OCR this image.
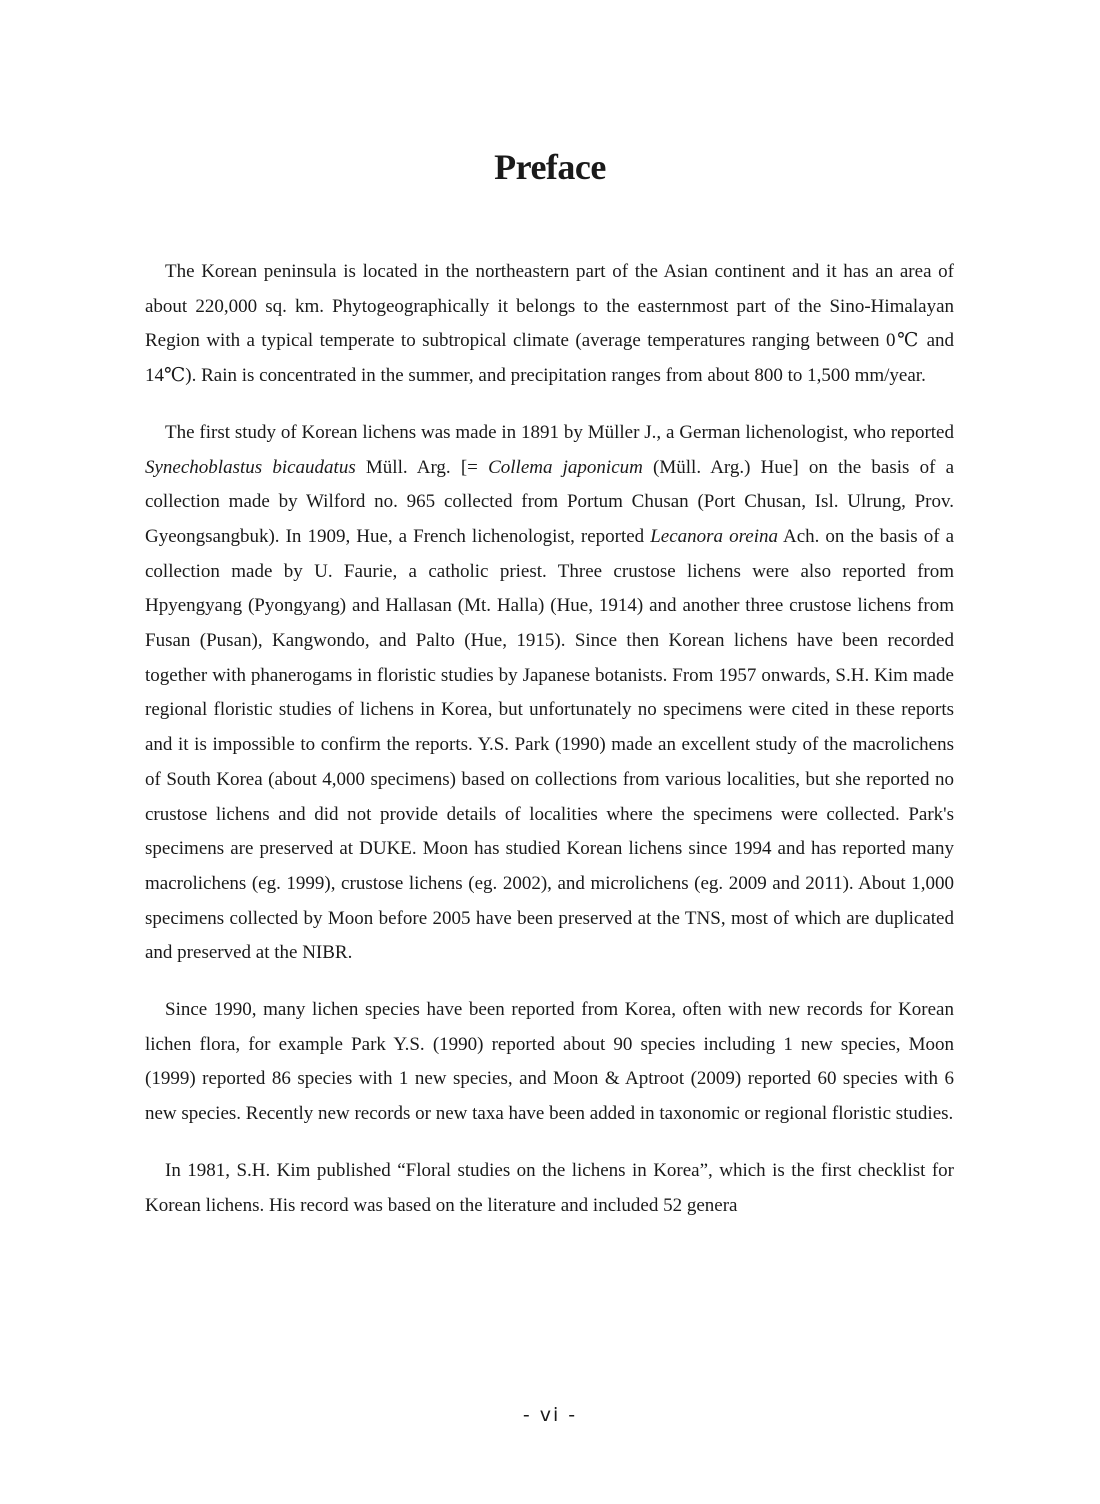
Preface

The Korean peninsula is located in the northeastern part of the Asian continent and it has an area of about 220,000 sq. km. Phytogeographically it belongs to the easternmost part of the Sino-Himalayan Region with a typical temperate to subtropical climate (average temperatures ranging between 0℃ and 14℃). Rain is concentrated in the summer, and precipitation ranges from about 800 to 1,500 mm/year.

The first study of Korean lichens was made in 1891 by Müller J., a German lichenologist, who reported Synechoblastus bicaudatus Müll. Arg. [= Collema japonicum (Müll. Arg.) Hue] on the basis of a collection made by Wilford no. 965 collected from Portum Chusan (Port Chusan, Isl. Ulrung, Prov. Gyeongsangbuk). In 1909, Hue, a French lichenologist, reported Lecanora oreina Ach. on the basis of a collection made by U. Faurie, a catholic priest. Three crustose lichens were also reported from Hpyengyang (Pyongyang) and Hallasan (Mt. Halla) (Hue, 1914) and another three crustose lichens from Fusan (Pusan), Kangwondo, and Palto (Hue, 1915). Since then Korean lichens have been recorded together with phanerogams in floristic studies by Japanese botanists. From 1957 onwards, S.H. Kim made regional floristic studies of lichens in Korea, but unfortunately no specimens were cited in these reports and it is impossible to confirm the reports. Y.S. Park (1990) made an excellent study of the macrolichens of South Korea (about 4,000 specimens) based on collections from various localities, but she reported no crustose lichens and did not provide details of localities where the specimens were collected. Park's specimens are preserved at DUKE. Moon has studied Korean lichens since 1994 and has reported many macrolichens (eg. 1999), crustose lichens (eg. 2002), and microlichens (eg. 2009 and 2011). About 1,000 specimens collected by Moon before 2005 have been preserved at the TNS, most of which are duplicated and preserved at the NIBR.

Since 1990, many lichen species have been reported from Korea, often with new records for Korean lichen flora, for example Park Y.S. (1990) reported about 90 species including 1 new species, Moon (1999) reported 86 species with 1 new species, and Moon & Aptroot (2009) reported 60 species with 6 new species. Recently new records or new taxa have been added in taxonomic or regional floristic studies.

In 1981, S.H. Kim published “Floral studies on the lichens in Korea”, which is the first checklist for Korean lichens. His record was based on the literature and included 52 genera

- vi -
